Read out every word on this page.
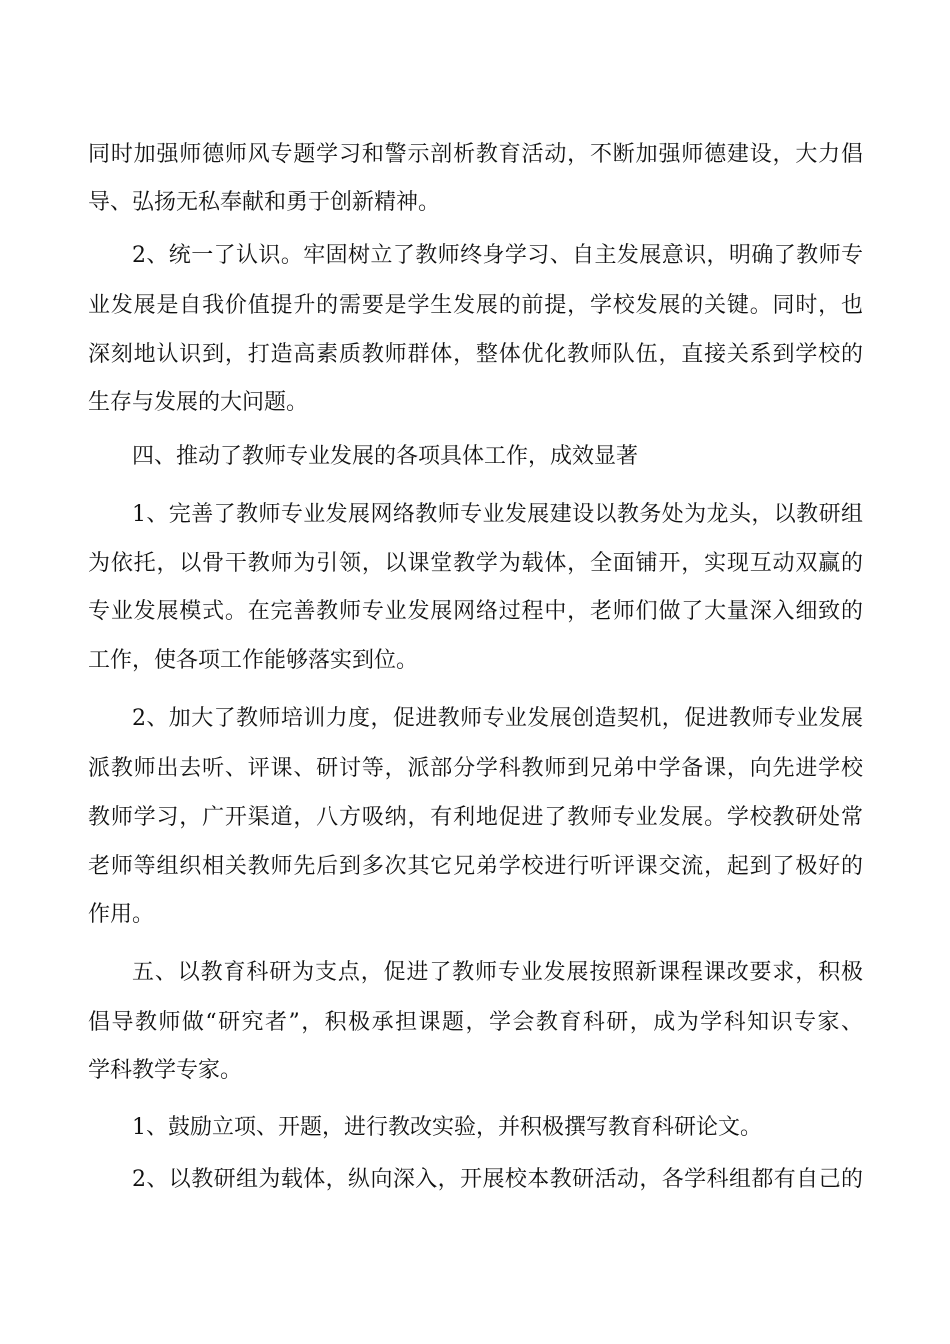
同时加强师德师风专题学习和警示剖析教育活动，不断加强师德建设，大力倡
导、弘扬无私奉献和勇于创新精神。
2、统一了认识。牢固树立了教师终身学习、自主发展意识，明确了教师专
业发展是自我价值提升的需要是学生发展的前提，学校发展的关键。同时，也
深刻地认识到，打造高素质教师群体，整体优化教师队伍，直接关系到学校的
生存与发展的大问题。
四、推动了教师专业发展的各项具体工作，成效显著
1、完善了教师专业发展网络教师专业发展建设以教务处为龙头，以教研组
为依托，以骨干教师为引领，以课堂教学为载体，全面铺开，实现互动双赢的
专业发展模式。在完善教师专业发展网络过程中，老师们做了大量深入细致的
工作，使各项工作能够落实到位。
2、加大了教师培训力度，促进教师专业发展创造契机，促进教师专业发展
派教师出去听、评课、研讨等，派部分学科教师到兄弟中学备课，向先进学校
教师学习，广开渠道，八方吸纳，有利地促进了教师专业发展。学校教研处常
老师等组织相关教师先后到多次其它兄弟学校进行听评课交流，起到了极好的
作用。
五、以教育科研为支点，促进了教师专业发展按照新课程课改要求，积极
倡导教师做“研究者”，积极承担课题，学会教育科研，成为学科知识专家、
学科教学专家。
1、鼓励立项、开题，进行教改实验，并积极撰写教育科研论文。
2、以教研组为载体，纵向深入，开展校本教研活动，各学科组都有自己的
